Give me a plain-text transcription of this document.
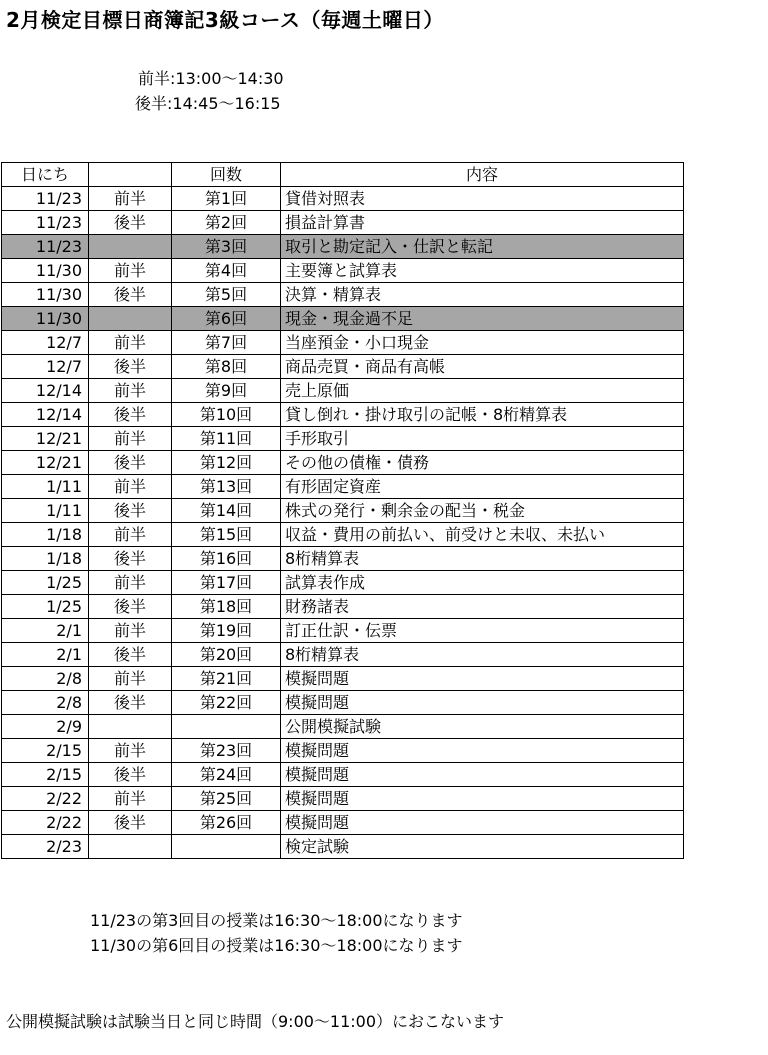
2月検定目標日商簿記3級コース（毎週土曜日）
前半:13:00～14:30
後半:14:45～16:15
日にち		回数	内容
11/23	前半	第1回	貸借対照表
11/23	後半	第2回	損益計算書
11/23		第3回	取引と勘定記入・仕訳と転記
11/30	前半	第4回	主要簿と試算表
11/30	後半	第5回	決算・精算表
11/30		第6回	現金・現金過不足
12/7	前半	第7回	当座預金・小口現金
12/7	後半	第8回	商品売買・商品有高帳
12/14	前半	第9回	売上原価
12/14	後半	第10回	貸し倒れ・掛け取引の記帳・8桁精算表
12/21	前半	第11回	手形取引
12/21	後半	第12回	その他の債権・債務
1/11	前半	第13回	有形固定資産
1/11	後半	第14回	株式の発行・剰余金の配当・税金
1/18	前半	第15回	収益・費用の前払い、前受けと未収、未払い
1/18	後半	第16回	8桁精算表
1/25	前半	第17回	試算表作成
1/25	後半	第18回	財務諸表
2/1	前半	第19回	訂正仕訳・伝票
2/1	後半	第20回	8桁精算表
2/8	前半	第21回	模擬問題
2/8	後半	第22回	模擬問題
2/9			公開模擬試験
2/15	前半	第23回	模擬問題
2/15	後半	第24回	模擬問題
2/22	前半	第25回	模擬問題
2/22	後半	第26回	模擬問題
2/23			検定試験
11/23の第3回目の授業は16:30～18:00になります
11/30の第6回目の授業は16:30～18:00になります
公開模擬試験は試験当日と同じ時間（9:00～11:00）におこないます
